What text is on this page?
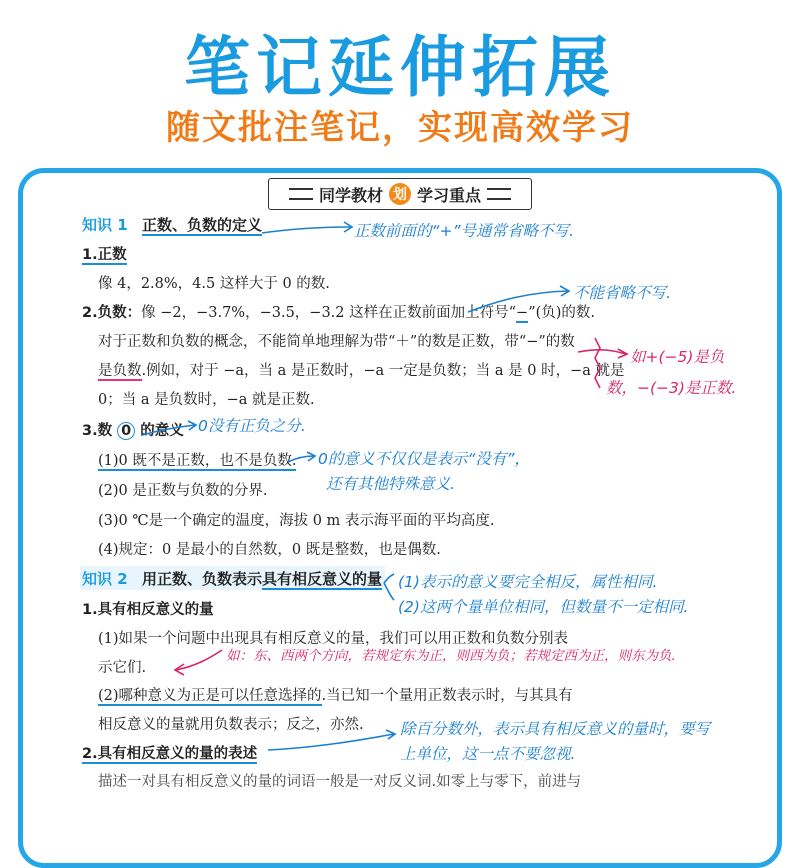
笔记延伸拓展
随文批注笔记，实现高效学习
同学教材 划 学习重点
知识 1 正数、负数的定义
1.正数
像 4，2.8%，4.5 这样大于 0 的数.
2.负数：像 −2，−3.7%，−3.5，−3.2 这样在正数前面加上符号“−”(负)的数.
对于正数和负数的概念，不能简单地理解为带“＋”的数是正数，带“−”的数
是负数.例如，对于 −a，当 a 是正数时，−a 一定是负数；当 a 是 0 时，−a 就是
0；当 a 是负数时，−a 就是正数.
3.数 0 的意义
(1)0 既不是正数，也不是负数.
(2)0 是正数与负数的分界.
(3)0 ℃是一个确定的温度，海拔 0 m 表示海平面的平均高度.
(4)规定：0 是最小的自然数，0 既是整数，也是偶数.
知识 2 用正数、负数表示具有相反意义的量
1.具有相反意义的量
(1)如果一个问题中出现具有相反意义的量，我们可以用正数和负数分别表
示它们.
(2)哪种意义为正是可以任意选择的.当已知一个量用正数表示时，与其具有
相反意义的量就用负数表示；反之，亦然.
2.具有相反意义的量的表述
描述一对具有相反意义的量的词语一般是一对反义词.如零上与零下，前进与
正数前面的“+”号通常省略不写.
不能省略不写.
如+(−5)是负
数，−(−3)是正数.
0没有正负之分.
0的意义不仅仅是表示“没有”，
还有其他特殊意义.
(1)表示的意义要完全相反，属性相同.
(2)这两个量单位相同，但数量不一定相同.
如：东、西两个方向，若规定东为正，则西为负；若规定西为正，则东为负.
除百分数外，表示具有相反意义的量时，要写
上单位，这一点不要忽视.
